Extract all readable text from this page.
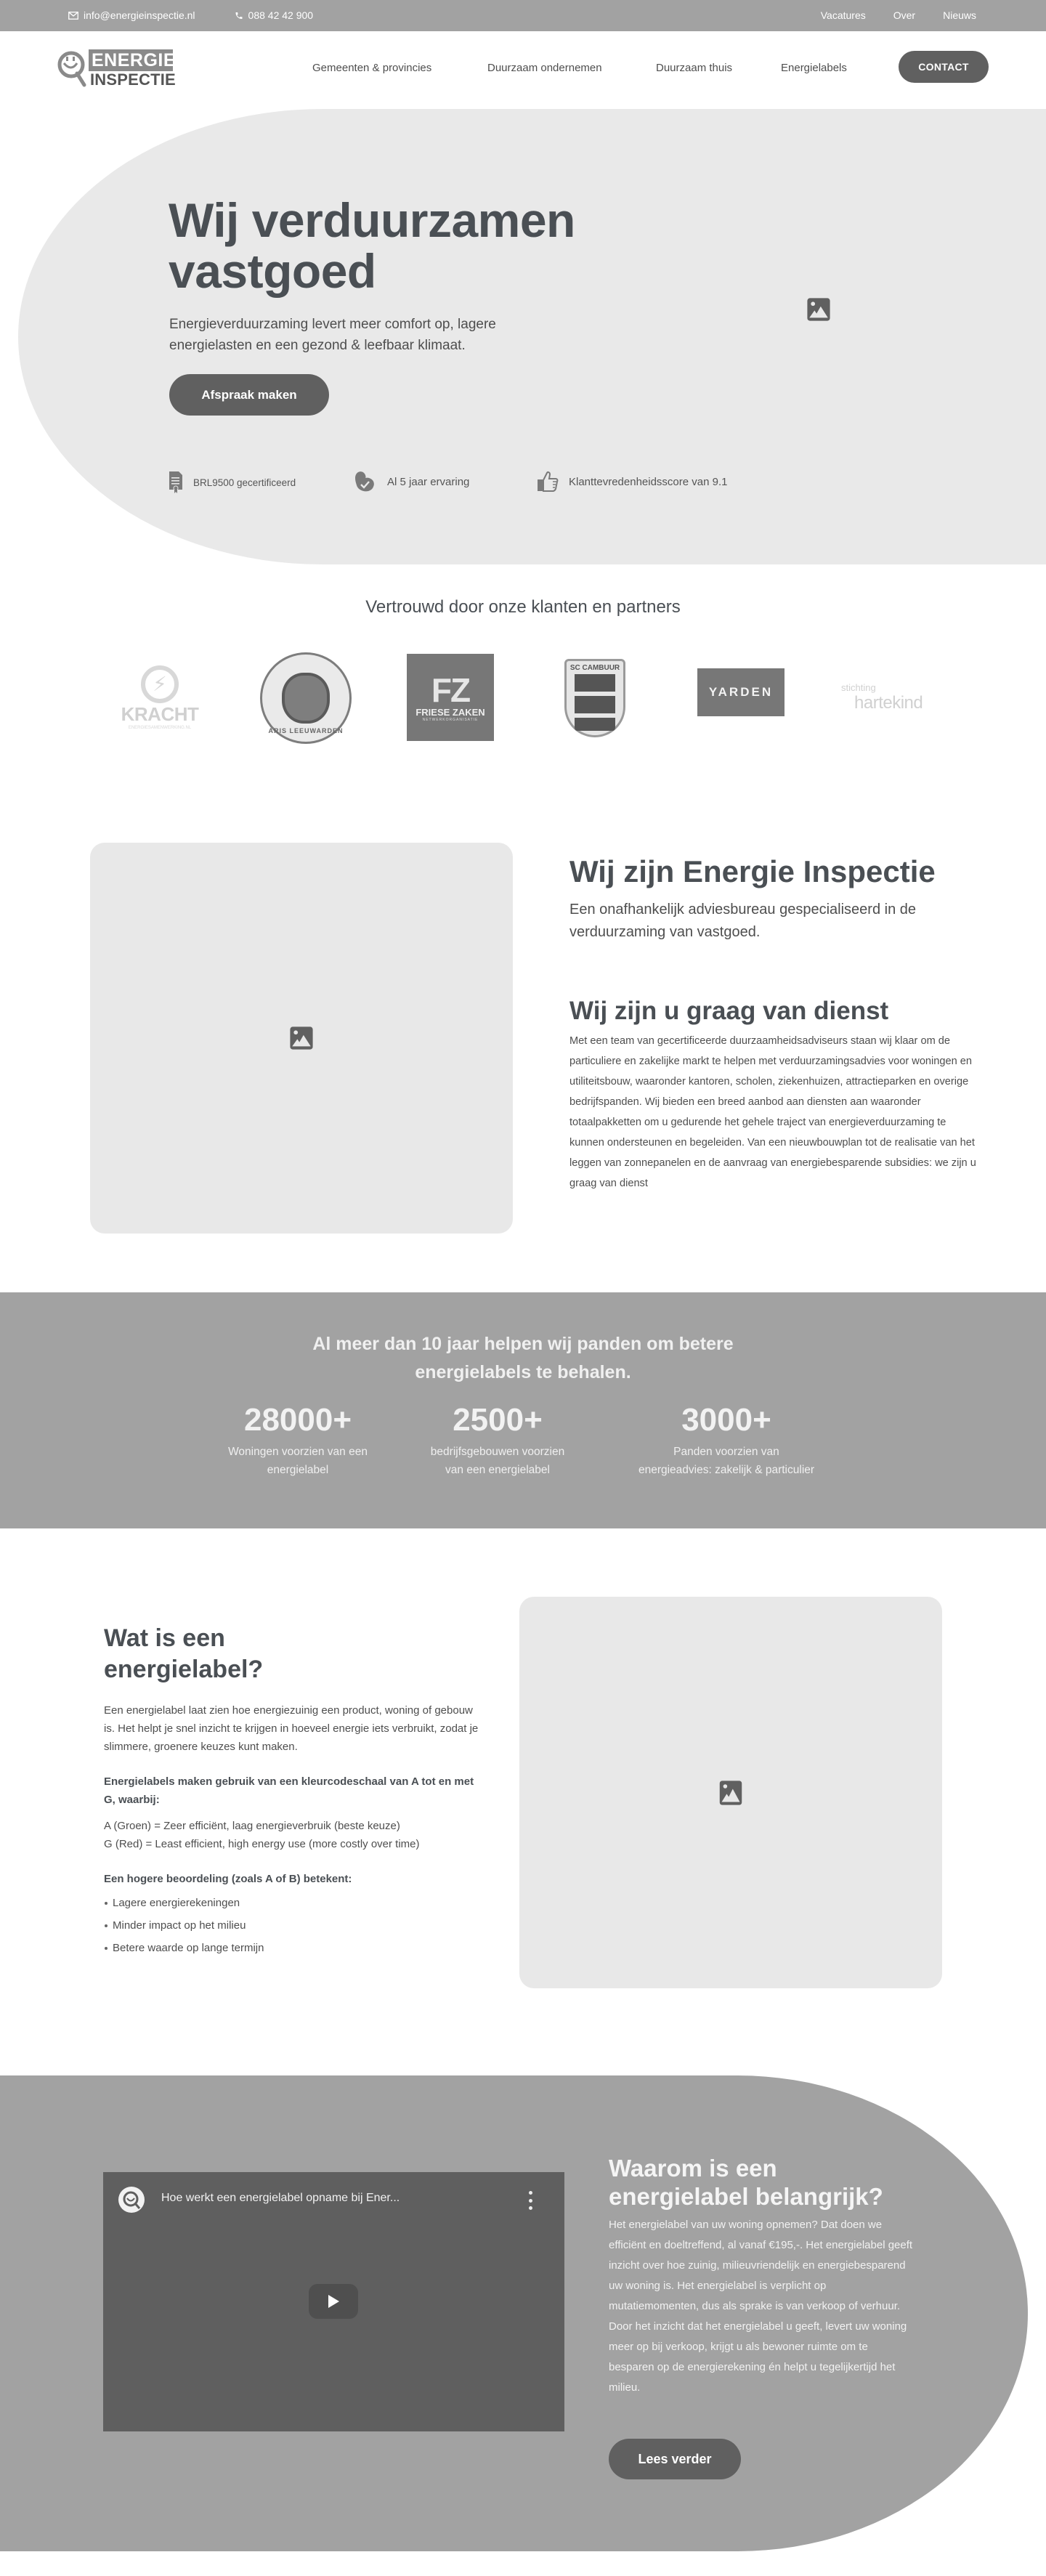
info@energieinspectie.nl	088 42 42 900	Vacatures	Over	Nieuws
ENERGIE
INSPECTIE
Gemeenten & provincies	Duurzaam ondernemen	Duurzaam thuis	Energielabels	CONTACT
Wij verduurzamen
vastgoed
Energieverduurzaming levert meer comfort op, lagere energielasten en een gezond & leefbaar klimaat.
Afspraak maken
BRL9500 gecertificeerd	Al 5 jaar ervaring	Klanttevredenheidsscore van 9.1
Vertrouwd door onze klanten en partners
⚡︎
KRACHT
ENERGIESAMENWERKING.NL	ARIS LEEUWARDEN
FZ
FRIESE ZAKEN
NETWERKORGANISATIE
SC CAMBUUR
YARDEN	stichting
hartekind
Wij zijn Energie Inspectie
Een onafhankelijk adviesbureau gespecialiseerd in de verduurzaming van vastgoed.
Wij zijn u graag van dienst
Met een team van gecertificeerde duurzaamheidsadviseurs staan wij klaar om de particuliere en zakelijke markt te helpen met verduurzamingsadvies voor woningen en utiliteitsbouw, waaronder kantoren, scholen, ziekenhuizen, attractieparken en overige bedrijfspanden. Wij bieden een breed aanbod aan diensten aan waaronder totaalpakketten om u gedurende het gehele traject van energieverduurzaming te kunnen ondersteunen en begeleiden. Van een nieuwbouwplan tot de realisatie van het leggen van zonnepanelen en de aanvraag van energiebesparende subsidies: we zijn u graag van dienst
Al meer dan 10 jaar helpen wij panden om betere energielabels te behalen.
28000+
Woningen voorzien van een energielabel
2500+
bedrijfsgebouwen voorzien van een energielabel
3000+
Panden voorzien van energieadvies: zakelijk & particulier
Wat is een energielabel?

Een energielabel laat zien hoe energiezuinig een product, woning of gebouw is. Het helpt je snel inzicht te krijgen in hoeveel energie iets verbruikt, zodat je slimmere, groenere keuzes kunt maken.

Energielabels maken gebruik van een kleurcodeschaal van A tot en met G, waarbij:

A (Groen) = Zeer efficiënt, laag energieverbruik (beste keuze)

G (Red) = Least efficient, high energy use (more costly over time)

Een hogere beoordeling (zoals A of B) betekent:

Lagere energierekeningen
Minder impact op het milieu
Betere waarde op lange termijn
Hoe werkt een energielabel opname bij Ener...
Waarom is een energielabel belangrijk?
Het energielabel van uw woning opnemen? Dat doen we efficiënt en doeltreffend, al vanaf €195,-. Het energielabel geeft inzicht over hoe zuinig, milieuvriendelijk en energiebesparend uw woning is. Het energielabel is verplicht op mutatiemomenten, dus als sprake is van verkoop of verhuur. Door het inzicht dat het energielabel u geeft, levert uw woning meer op bij verkoop, krijgt u als bewoner ruimte om te besparen op de energierekening én helpt u tegelijkertijd het milieu.
Lees verder
